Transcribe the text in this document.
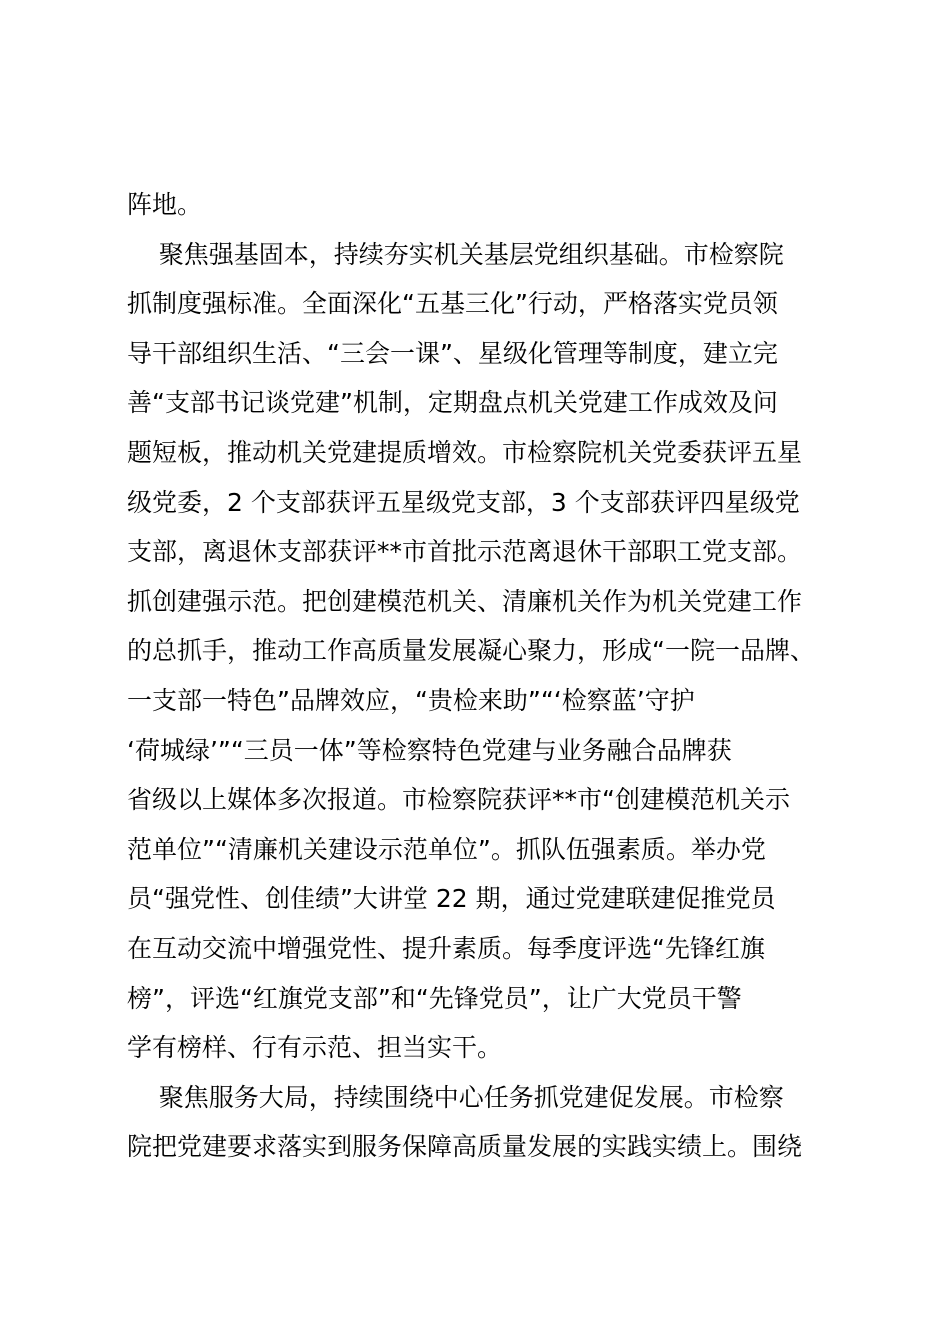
阵地。
聚焦强基固本，持续夯实机关基层党组织基础。市检察院
抓制度强标准。全面深化“五基三化”行动，严格落实党员领
导干部组织生活、“三会一课”、星级化管理等制度，建立完
善“支部书记谈党建”机制，定期盘点机关党建工作成效及问
题短板，推动机关党建提质增效。市检察院机关党委获评五星
级党委，2 个支部获评五星级党支部，3 个支部获评四星级党
支部，离退休支部获评**市首批示范离退休干部职工党支部。
抓创建强示范。把创建模范机关、清廉机关作为机关党建工作
的总抓手，推动工作高质量发展凝心聚力，形成“一院一品牌、
一支部一特色”品牌效应，“贵检来助”“‘检察蓝’守护
‘荷城绿’”“三员一体”等检察特色党建与业务融合品牌获
省级以上媒体多次报道。市检察院获评**市“创建模范机关示
范单位”“清廉机关建设示范单位”。抓队伍强素质。举办党
员“强党性、创佳绩”大讲堂 22 期，通过党建联建促推党员
在互动交流中增强党性、提升素质。每季度评选“先锋红旗
榜”，评选“红旗党支部”和“先锋党员”，让广大党员干警
学有榜样、行有示范、担当实干。
聚焦服务大局，持续围绕中心任务抓党建促发展。市检察
院把党建要求落实到服务保障高质量发展的实践实绩上。围绕
